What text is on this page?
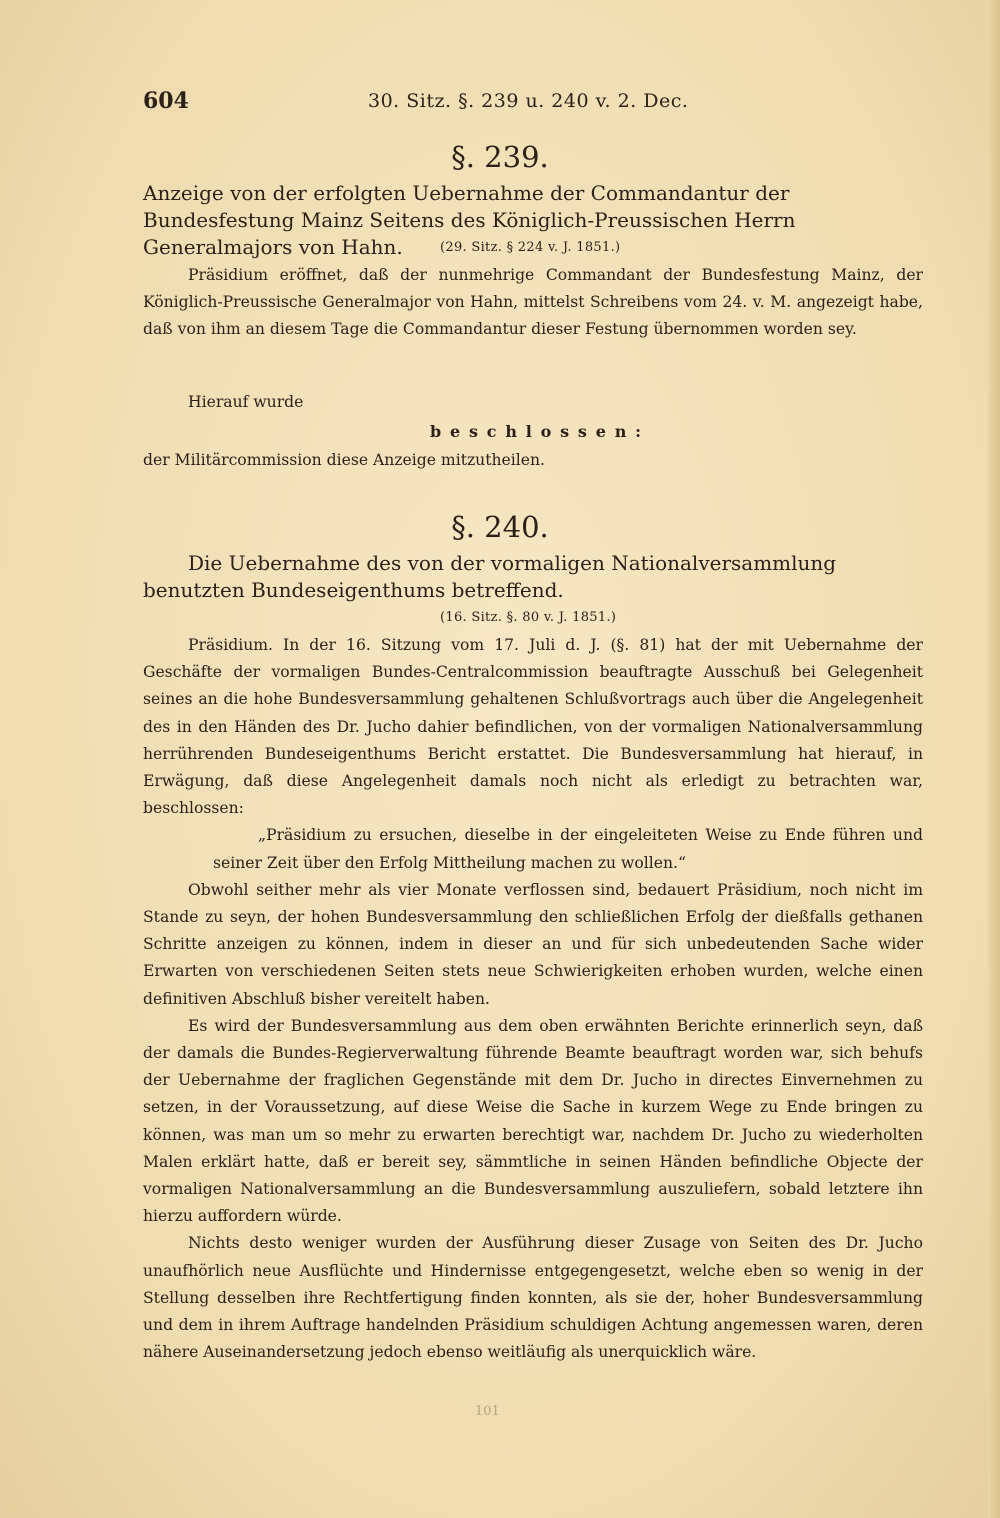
604	30. Sitz. §. 239 u. 240 v. 2. Dec.
§. 239.
Anzeige von der erfolgten Uebernahme der Commandantur der Bundesfestung Mainz Seitens des Königlich-Preussischen Herrn Generalmajors von Hahn.	(29. Sitz. § 224 v. J. 1851.)

Präsidium eröffnet, daß der nunmehrige Commandant der Bundesfestung Mainz, der Königlich-Preussische Generalmajor von Hahn, mittelst Schreibens vom 24. v. M. angezeigt habe, daß von ihm an diesem Tage die Commandantur dieser Festung übernommen worden sey.

Hierauf wurde
beschlossen:
der Militärcommission diese Anzeige mitzutheilen.
§. 240.
Die Uebernahme des von der vormaligen Nationalversammlung benutzten Bundeseigenthums betreffend.
(16. Sitz. §. 80 v. J. 1851.)

Präsidium. In der 16. Sitzung vom 17. Juli d. J. (§. 81) hat der mit Uebernahme der Geschäfte der vormaligen Bundes-Centralcommission beauftragte Ausschuß bei Gelegenheit seines an die hohe Bundesversammlung gehaltenen Schlußvortrags auch über die Angelegenheit des in den Händen des Dr. Jucho dahier befindlichen, von der vormaligen Nationalversammlung herrührenden Bundeseigenthums Bericht erstattet. Die Bundesversammlung hat hierauf, in Erwägung, daß diese Angelegenheit damals noch nicht als erledigt zu betrachten war, beschlossen:

„Präsidium zu ersuchen, dieselbe in der eingeleiteten Weise zu Ende führen und seiner Zeit über den Erfolg Mittheilung machen zu wollen.“

Obwohl seither mehr als vier Monate verflossen sind, bedauert Präsidium, noch nicht im Stande zu seyn, der hohen Bundesversammlung den schließlichen Erfolg der dießfalls gethanen Schritte anzeigen zu können, indem in dieser an und für sich unbedeutenden Sache wider Erwarten von verschiedenen Seiten stets neue Schwierigkeiten erhoben wurden, welche einen definitiven Abschluß bisher vereitelt haben.

Es wird der Bundesversammlung aus dem oben erwähnten Berichte erinnerlich seyn, daß der damals die Bundes-Regierverwaltung führende Beamte beauftragt worden war, sich behufs der Uebernahme der fraglichen Gegenstände mit dem Dr. Jucho in directes Einvernehmen zu setzen, in der Voraussetzung, auf diese Weise die Sache in kurzem Wege zu Ende bringen zu können, was man um so mehr zu erwarten berechtigt war, nachdem Dr. Jucho zu wiederholten Malen erklärt hatte, daß er bereit sey, sämmtliche in seinen Händen befindliche Objecte der vormaligen Nationalversammlung an die Bundesversammlung auszuliefern, sobald letztere ihn hierzu auffordern würde.

Nichts desto weniger wurden der Ausführung dieser Zusage von Seiten des Dr. Jucho unaufhörlich neue Ausflüchte und Hindernisse entgegengesetzt, welche eben so wenig in der Stellung desselben ihre Rechtfertigung finden konnten, als sie der, hoher Bundesversammlung und dem in ihrem Auftrage handelnden Präsidium schuldigen Achtung angemessen waren, deren nähere Auseinandersetzung jedoch ebenso weitläufig als unerquicklich wäre.

101
